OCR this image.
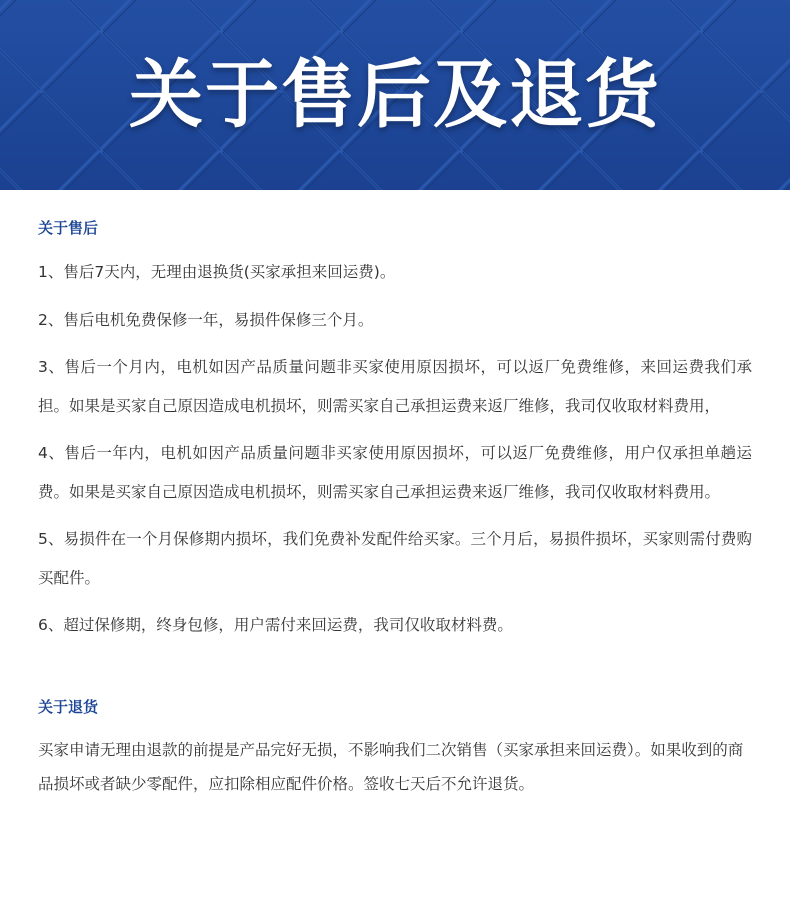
关于售后及退货
关于售后

1、售后7天内，无理由退换货(买家承担来回运费)。

2、售后电机免费保修一年，易损件保修三个月。

3、售后一个月内，电机如因产品质量问题非买家使用原因损坏，可以返厂免费维修，来回运费我们承担。如果是买家自己原因造成电机损坏，则需买家自己承担运费来返厂维修，我司仅收取材料费用，

4、售后一年内，电机如因产品质量问题非买家使用原因损坏，可以返厂免费维修，用户仅承担单趟运费。如果是买家自己原因造成电机损坏，则需买家自己承担运费来返厂维修，我司仅收取材料费用。

5、易损件在一个月保修期内损坏，我们免费补发配件给买家。三个月后，易损件损坏，买家则需付费购买配件。

6、超过保修期，终身包修，用户需付来回运费，我司仅收取材料费。

关于退货

买家申请无理由退款的前提是产品完好无损，不影响我们二次销售（买家承担来回运费）。如果收到的商品损坏或者缺少零配件，应扣除相应配件价格。签收七天后不允许退货。
